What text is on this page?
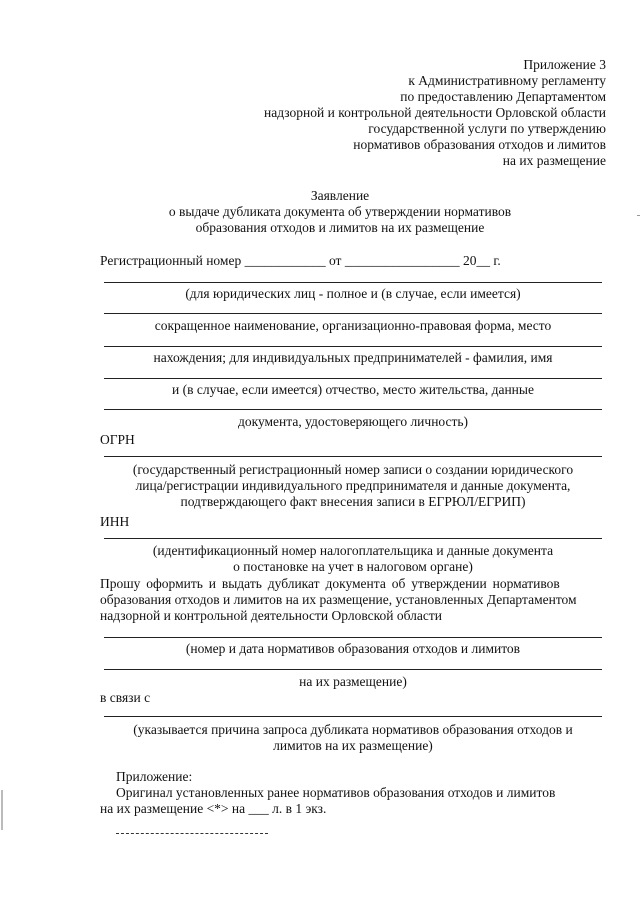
Приложение 3
к Административному регламенту
по предоставлению Департаментом
надзорной и контрольной деятельности Орловской области
государственной услуги по утверждению
нормативов образования отходов и лимитов
на их размещение
Заявление
о выдаче дубликата документа об утверждении нормативов
образования отходов и лимитов на их размещение
Регистрационный номер ____________ от _________________ 20__ г.
(для юридических лиц - полное и (в случае, если имеется)
сокращенное наименование, организационно-правовая форма, место
нахождения; для индивидуальных предпринимателей - фамилия, имя
и (в случае, если имеется) отчество, место жительства, данные
документа, удостоверяющего личность)
ОГРН
(государственный регистрационный номер записи о создании юридического
лица/регистрации индивидуального предпринимателя и данные документа,
подтверждающего факт внесения записи в ЕГРЮЛ/ЕГРИП)
ИНН
(идентификационный номер налогоплательщика и данные документа
о постановке на учет в налоговом органе)
Прошу оформить и выдать дубликат документа об утверждении нормативов
образования отходов и лимитов на их размещение, установленных Департаментом
надзорной и контрольной деятельности Орловской области
(номер и дата нормативов образования отходов и лимитов
на их размещение)
в связи с
(указывается причина запроса дубликата нормативов образования отходов и
лимитов на их размещение)
Приложение:
Оригинал установленных ранее нормативов образования отходов и лимитов
на их размещение <*> на ___ л. в 1 экз.
